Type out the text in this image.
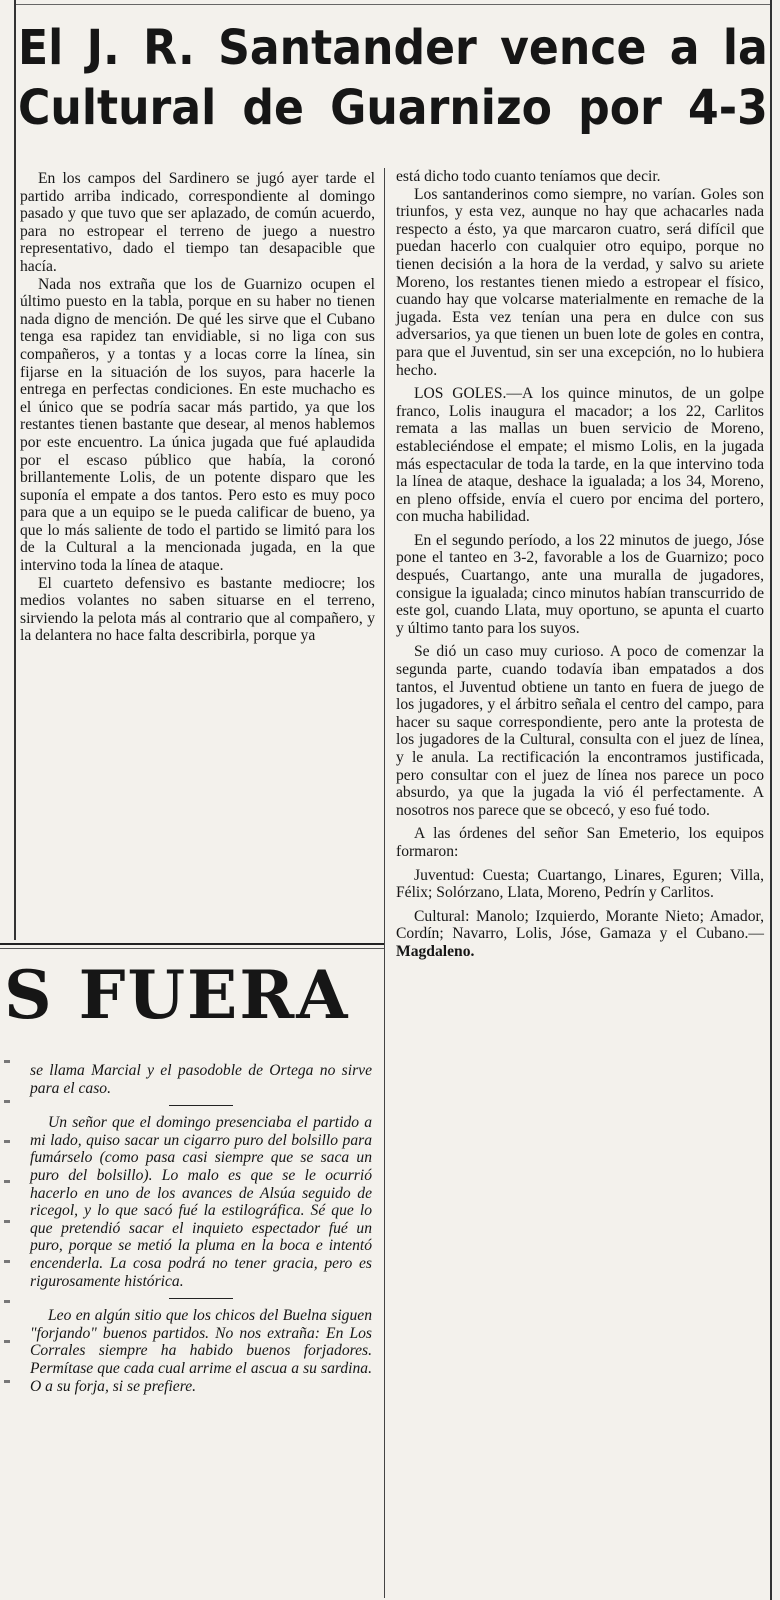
El J. R. Santander vence a la
Cultural de Guarnizo por 4-3

En los campos del Sardinero se jugó ayer tarde el partido arriba indicado, correspondiente al domingo pasado y que tuvo que ser aplazado, de común acuerdo, para no estropear el terreno de juego a nuestro representativo, dado el tiempo tan desapacible que hacía.

Nada nos extraña que los de Guarnizo ocupen el último puesto en la tabla, porque en su haber no tienen nada digno de mención. De qué les sirve que el Cubano tenga esa rapidez tan envidiable, si no liga con sus compañeros, y a tontas y a locas corre la línea, sin fijarse en la situación de los suyos, para hacerle la entrega en perfectas condiciones. En este muchacho es el único que se podría sacar más partido, ya que los restantes tienen bastante que desear, al menos hablemos por este encuentro. La única jugada que fué aplaudida por el escaso público que había, la coronó brillantemente Lolis, de un potente disparo que les suponía el empate a dos tantos. Pero esto es muy poco para que a un equipo se le pueda calificar de bueno, ya que lo más saliente de todo el partido se limitó para los de la Cultural a la mencionada jugada, en la que intervino toda la línea de ataque.

El cuarteto defensivo es bastante mediocre; los medios volantes no saben situarse en el terreno, sirviendo la pelota más al contrario que al compañero, y la delantera no hace falta describirla, porque ya

está dicho todo cuanto teníamos que decir.

Los santanderinos como siempre, no varían. Goles son triunfos, y esta vez, aunque no hay que achacarles nada respecto a ésto, ya que marcaron cuatro, será difícil que puedan hacerlo con cualquier otro equipo, porque no tienen decisión a la hora de la verdad, y salvo su ariete Moreno, los restantes tienen miedo a estropear el físico, cuando hay que volcarse materialmente en remache de la jugada. Esta vez tenían una pera en dulce con sus adversarios, ya que tienen un buen lote de goles en contra, para que el Juventud, sin ser una excepción, no lo hubiera hecho.

LOS GOLES.—A los quince minutos, de un golpe franco, Lolis inaugura el macador; a los 22, Carlitos remata a las mallas un buen servicio de Moreno, estableciéndose el empate; el mismo Lolis, en la jugada más espectacular de toda la tarde, en la que intervino toda la línea de ataque, deshace la igualada; a los 34, Moreno, en pleno offside, envía el cuero por encima del portero, con mucha habilidad.

En el segundo período, a los 22 minutos de juego, Jóse pone el tanteo en 3-2, favorable a los de Guarnizo; poco después, Cuartango, ante una muralla de jugadores, consigue la igualada; cinco minutos habían transcurrido de este gol, cuando Llata, muy oportuno, se apunta el cuarto y último tanto para los suyos.

Se dió un caso muy curioso. A poco de comenzar la segunda parte, cuando todavía iban empatados a dos tantos, el Juventud obtiene un tanto en fuera de juego de los jugadores, y el árbitro señala el centro del campo, para hacer su saque correspondiente, pero ante la protesta de los jugadores de la Cultural, consulta con el juez de línea, y le anula. La rectificación la encontramos justificada, pero consultar con el juez de línea nos parece un poco absurdo, ya que la jugada la vió él perfectamente. A nosotros nos parece que se obcecó, y eso fué todo.

A las órdenes del señor San Emeterio, los equipos formaron:

Juventud: Cuesta; Cuartango, Linares, Eguren; Villa, Félix; Solórzano, Llata, Moreno, Pedrín y Carlitos.

Cultural: Manolo; Izquierdo, Morante Nieto; Amador, Cordín; Navarro, Lolis, Jóse, Gamaza y el Cubano.—Magdaleno.

S FUERA

se llama Marcial y el pasodoble de Ortega no sirve para el caso.

Un señor que el domingo presenciaba el partido a mi lado, quiso sacar un cigarro puro del bolsillo para fumárselo (como pasa casi siempre que se saca un puro del bolsillo). Lo malo es que se le ocurrió hacerlo en uno de los avances de Alsúa seguido de ricegol, y lo que sacó fué la estilográfica. Sé que lo que pretendió sacar el inquieto espectador fué un puro, porque se metió la pluma en la boca e intentó encenderla. La cosa podrá no tener gracia, pero es rigurosamente histórica.

Leo en algún sitio que los chicos del Buelna siguen "forjando" buenos partidos. No nos extraña: En Los Corrales siempre ha habido buenos forjadores. Permítase que cada cual arrime el ascua a su sardina. O a su forja, si se prefiere.
